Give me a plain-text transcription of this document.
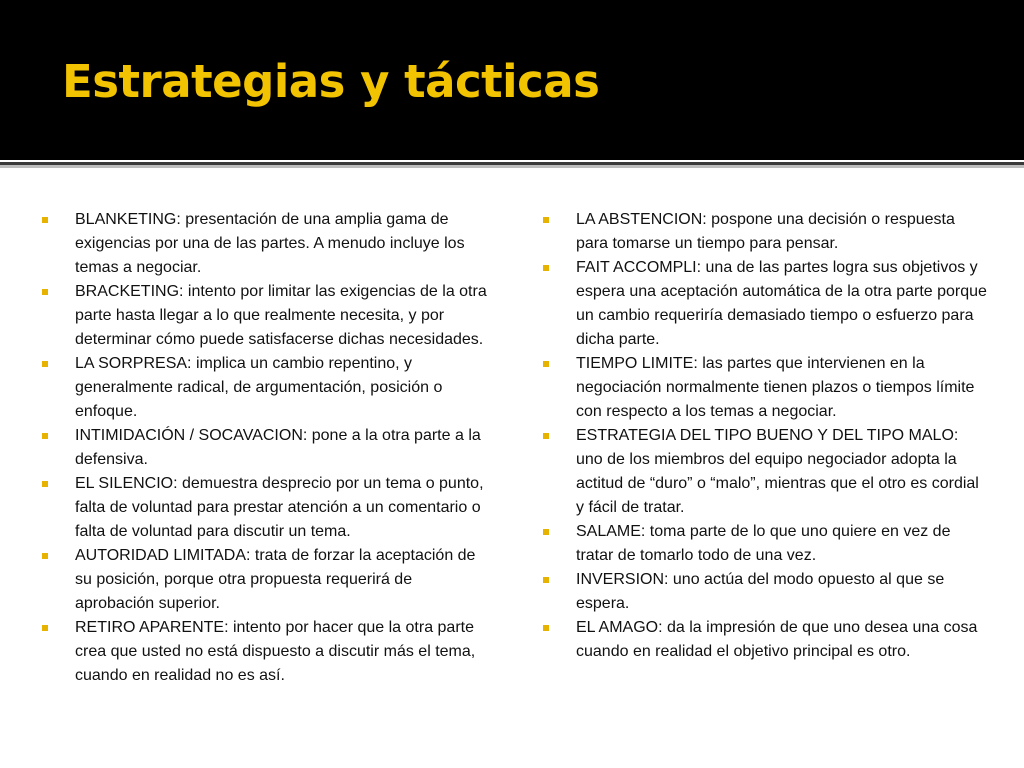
Estrategias y tácticas
BLANKETING: presentación de una amplia gama de exigencias por una de las partes. A menudo incluye los temas a negociar.
BRACKETING: intento por limitar las exigencias de la otra parte hasta llegar a lo que realmente necesita, y por determinar cómo puede satisfacerse dichas necesidades.
LA SORPRESA: implica un cambio repentino, y generalmente radical, de argumentación, posición o enfoque.
INTIMIDACIÓN / SOCAVACION: pone a la otra parte a la defensiva.
EL SILENCIO: demuestra desprecio por un tema o punto, falta de voluntad para prestar atención a un comentario o falta de voluntad para discutir un tema.
AUTORIDAD LIMITADA: trata de forzar la aceptación de su posición, porque otra propuesta requerirá de aprobación superior.
RETIRO APARENTE: intento por hacer que la otra parte crea que usted no está dispuesto a discutir más el tema, cuando en realidad no es así.
LA ABSTENCION: pospone una decisión o respuesta para tomarse un tiempo para pensar.
FAIT ACCOMPLI: una de las partes logra sus objetivos y espera una aceptación automática de la otra parte porque un cambio requeriría demasiado tiempo o esfuerzo para dicha parte.
TIEMPO LIMITE: las partes que intervienen en la negociación normalmente tienen plazos o tiempos límite con respecto a los temas a negociar.
ESTRATEGIA DEL TIPO BUENO Y DEL TIPO MALO: uno de los miembros del equipo negociador adopta la actitud de “duro” o “malo”, mientras que el otro es cordial y fácil de tratar.
SALAME: toma parte de lo que uno quiere en vez de tratar de tomarlo todo de una vez.
INVERSION: uno actúa del modo opuesto al que se espera.
EL AMAGO: da la impresión de que uno desea una cosa cuando en realidad el objetivo principal es otro.
